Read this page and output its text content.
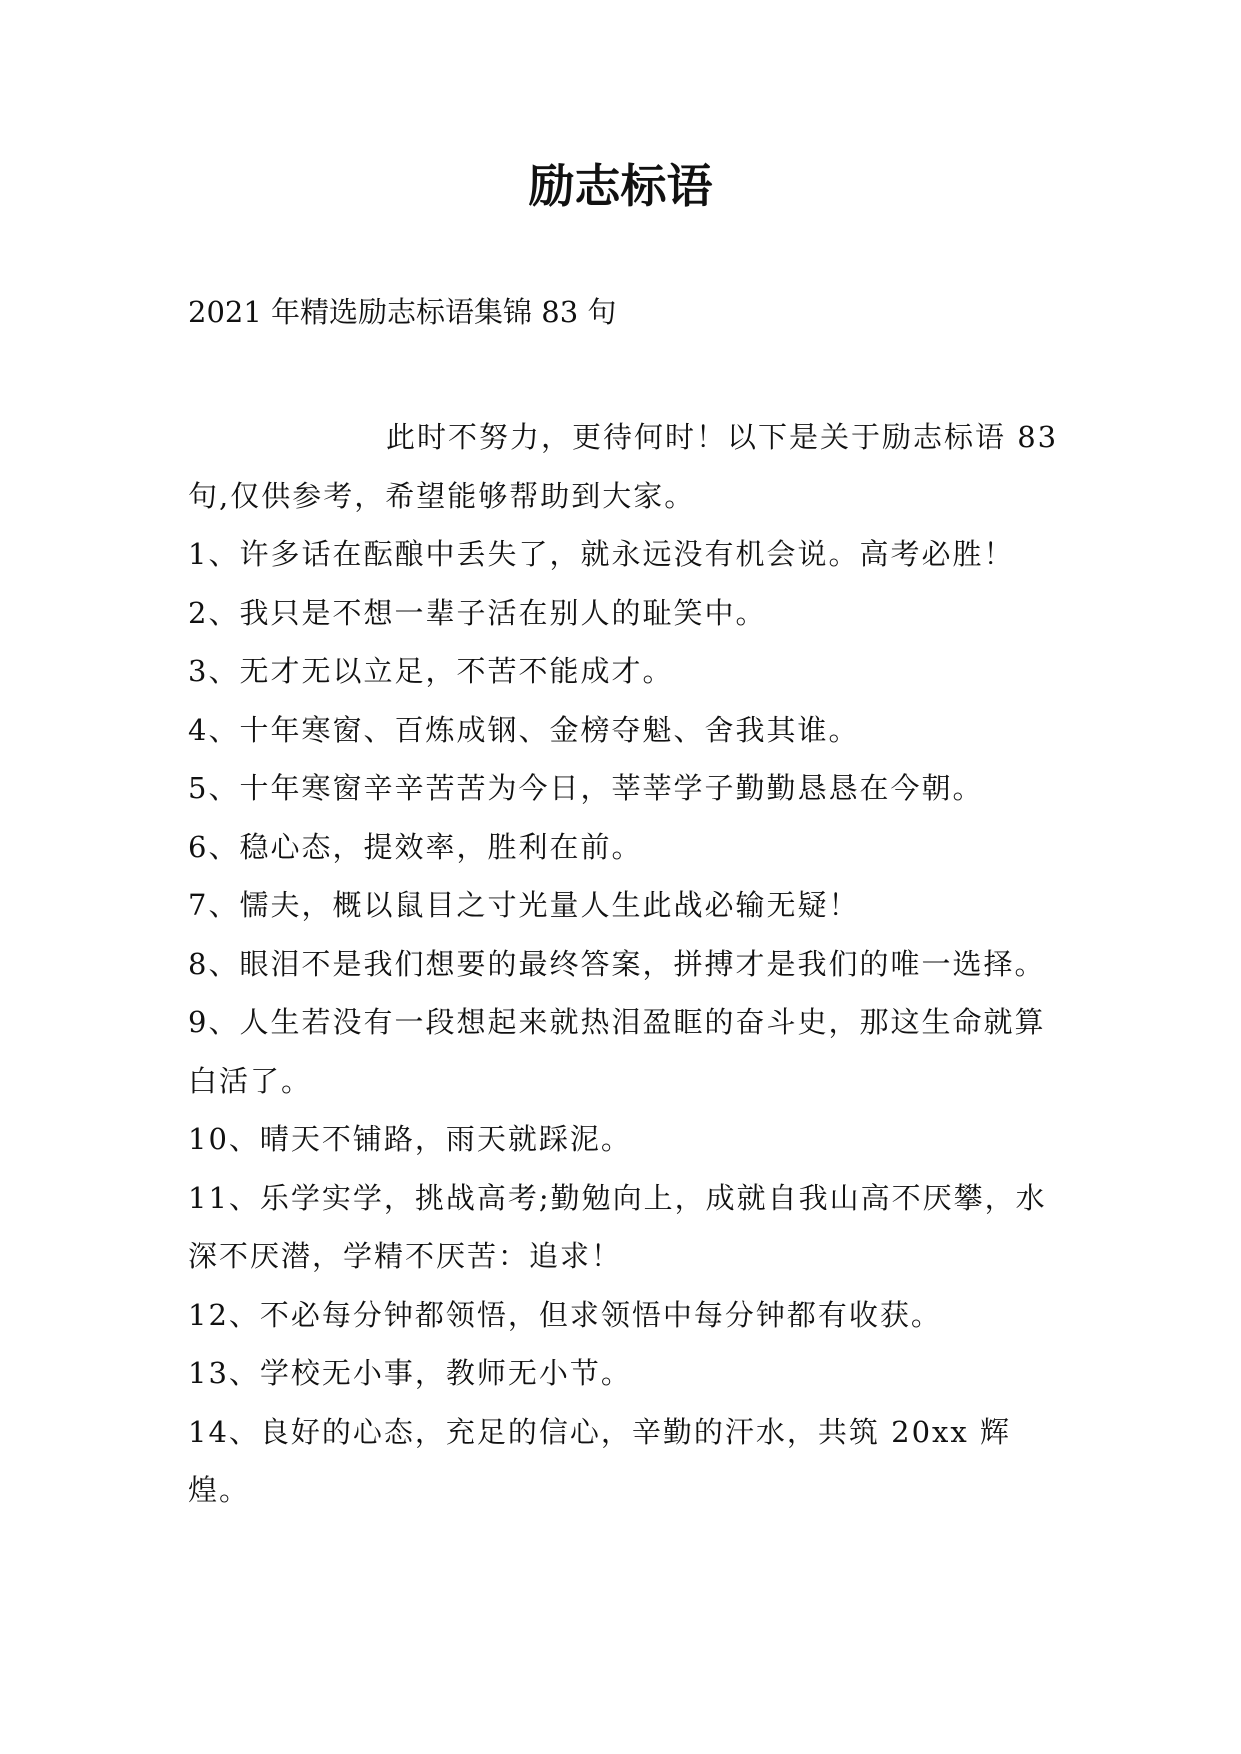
励志标语

2021 年精选励志标语集锦 83 句

此时不努力，更待何时！以下是关于励志标语 83 句,仅供参考，希望能够帮助到大家。

1、许多话在酝酿中丢失了，就永远没有机会说。高考必胜！

2、我只是不想一辈子活在别人的耻笑中。

3、无才无以立足，不苦不能成才。

4、十年寒窗、百炼成钢、金榜夺魁、舍我其谁。

5、十年寒窗辛辛苦苦为今日，莘莘学子勤勤恳恳在今朝。

6、稳心态，提效率，胜利在前。

7、懦夫，概以鼠目之寸光量人生此战必输无疑！

8、眼泪不是我们想要的最终答案，拼搏才是我们的唯一选择。

9、人生若没有一段想起来就热泪盈眶的奋斗史，那这生命就算白活了。

10、晴天不铺路，雨天就踩泥。

11、乐学实学，挑战高考;勤勉向上，成就自我山高不厌攀，水深不厌潜，学精不厌苦：追求！

12、不必每分钟都领悟，但求领悟中每分钟都有收获。

13、学校无小事，教师无小节。

14、良好的心态，充足的信心，辛勤的汗水，共筑 20xx 辉煌。
